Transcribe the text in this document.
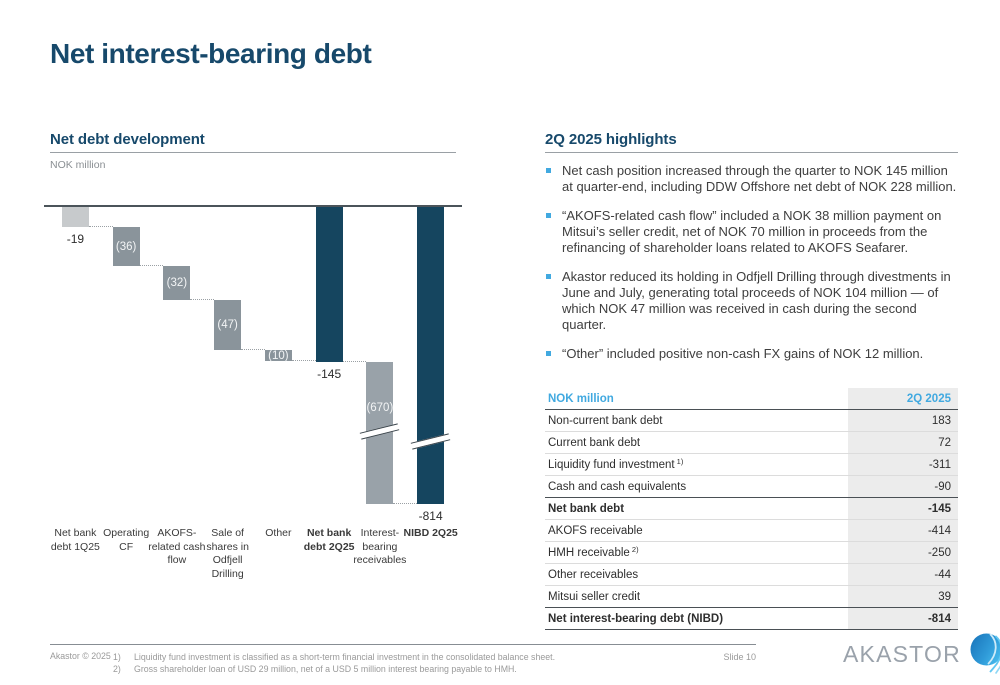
Net interest-bearing debt
Net debt development
NOK million
-19
Net bank debt 1Q25
(36)
Operating CF
(32)
AKOFS-related cash flow
(47)
Sale of shares in Odfjell Drilling
(10)
Other
-145
Net bank debt 2Q25
(670)
Interest-bearing receivables
-814
NIBD 2Q25
2Q 2025 highlights
Net cash position increased through the quarter to NOK 145 million at quarter-end, including DDW Offshore net debt of NOK 228 million.
“AKOFS-related cash flow” included a NOK 38 million payment on Mitsui’s seller credit, net of NOK 70 million in proceeds from the refinancing of shareholder loans related to AKOFS Seafarer.
Akastor reduced its holding in Odfjell Drilling through divestments in June and July, generating total proceeds of NOK 104 million — of which NOK 47 million was received in cash during the second quarter.
“Other” included positive non-cash FX gains of NOK 12 million.
NOK million	2Q 2025
Non-current bank debt	183
Current bank debt	72
Liquidity fund investment $^{1)}$	-311
Cash and cash equivalents	-90
Net bank debt	-145
AKOFS receivable	-414
HMH receivable $^{2)}$	-250
Other receivables	-44
Mitsui seller credit	39
Net interest-bearing debt (NIBD)	-814
Akastor © 2025 1)	Liquidity fund investment is classified as a short-term financial investment in the consolidated balance sheet.
2)	Gross shareholder loan of USD 29 million, net of a USD 5 million interest bearing payable to HMH.
Slide 10	AKASTOR
